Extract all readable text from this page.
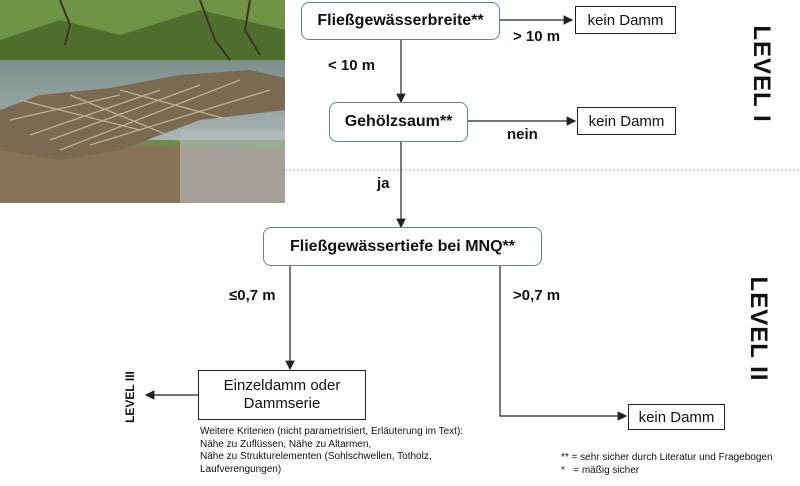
Fließgewässerbreite**	kein Damm
Gehölzsaum**	kein Damm
Fließgewässertiefe bei MNQ**
Einzeldamm oder
Dammserie
kein Damm
> 10 m
< 10 m
nein
ja
≤0,7 m	>0,7 m
LEVEL I
LEVEL II
LEVEL III
Weitere Kriterien (nicht parametrisiert, Erläuterung im Text):
Nähe zu Zuflüssen, Nähe zu Altarmen,
Nähe zu Strukturelementen (Sohlschwellen, Totholz,
Laufverengungen)
** = sehr sicher durch Literatur und Fragebogen
*   = mäßig sicher
